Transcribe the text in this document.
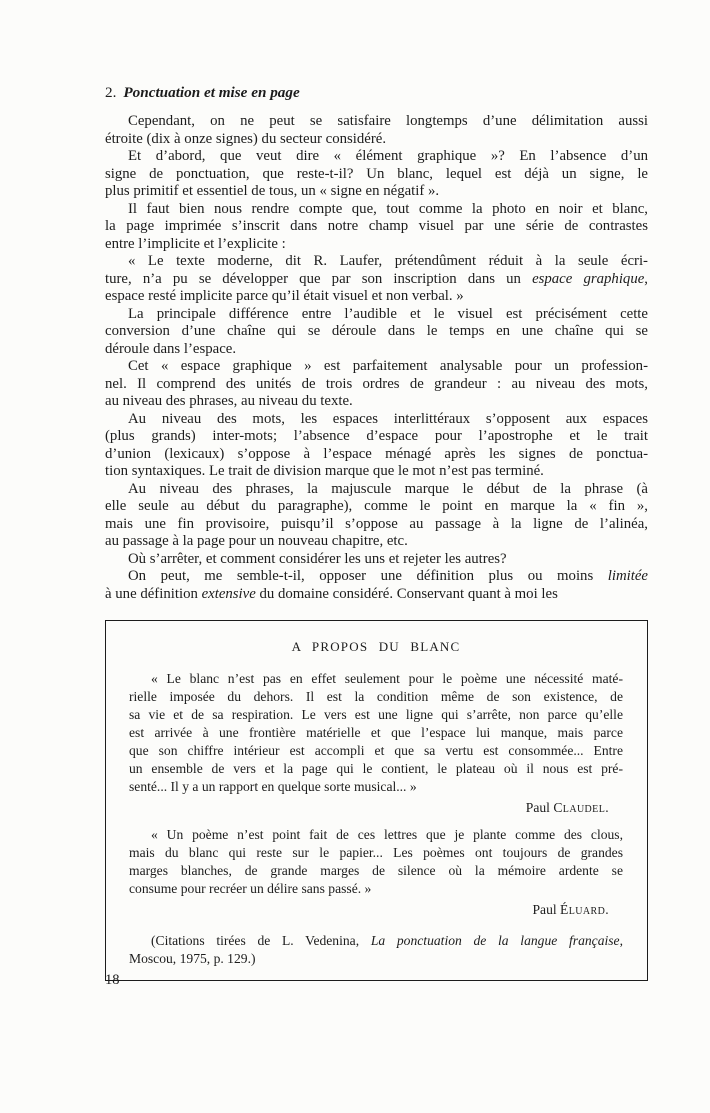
2. Ponctuation et mise en page
Cependant, on ne peut se satisfaire longtemps d’une délimitation aussi
étroite (dix à onze signes) du secteur considéré.
Et d’abord, que veut dire « élément graphique »? En l’absence d’un
signe de ponctuation, que reste-t-il? Un blanc, lequel est déjà un signe, le
plus primitif et essentiel de tous, un « signe en négatif ».
Il faut bien nous rendre compte que, tout comme la photo en noir et blanc,
la page imprimée s’inscrit dans notre champ visuel par une série de contrastes
entre l’implicite et l’explicite :
« Le texte moderne, dit R. Laufer, prétendûment réduit à la seule écri-
ture, n’a pu se développer que par son inscription dans un espace graphique,
espace resté implicite parce qu’il était visuel et non verbal. »
La principale différence entre l’audible et le visuel est précisément cette
conversion d’une chaîne qui se déroule dans le temps en une chaîne qui se
déroule dans l’espace.
Cet « espace graphique » est parfaitement analysable pour un profession-
nel. Il comprend des unités de trois ordres de grandeur : au niveau des mots,
au niveau des phrases, au niveau du texte.
Au niveau des mots, les espaces interlittéraux s’opposent aux espaces
(plus grands) inter-mots; l’absence d’espace pour l’apostrophe et le trait
d’union (lexicaux) s’oppose à l’espace ménagé après les signes de ponctua-
tion syntaxiques. Le trait de division marque que le mot n’est pas terminé.
Au niveau des phrases, la majuscule marque le début de la phrase (à
elle seule au début du paragraphe), comme le point en marque la « fin »,
mais une fin provisoire, puisqu’il s’oppose au passage à la ligne de l’alinéa,
au passage à la page pour un nouveau chapitre, etc.
Où s’arrêter, et comment considérer les uns et rejeter les autres?
On peut, me semble-t-il, opposer une définition plus ou moins limitée
à une définition extensive du domaine considéré. Conservant quant à moi les
A PROPOS DU BLANC
« Le blanc n’est pas en effet seulement pour le poème une nécessité maté-
rielle imposée du dehors. Il est la condition même de son existence, de
sa vie et de sa respiration. Le vers est une ligne qui s’arrête, non parce qu’elle
est arrivée à une frontière matérielle et que l’espace lui manque, mais parce
que son chiffre intérieur est accompli et que sa vertu est consommée... Entre
un ensemble de vers et la page qui le contient, le plateau où il nous est pré-
senté... Il y a un rapport en quelque sorte musical... »
Paul Claudel.
« Un poème n’est point fait de ces lettres que je plante comme des clous,
mais du blanc qui reste sur le papier... Les poèmes ont toujours de grandes
marges blanches, de grande marges de silence où la mémoire ardente se
consume pour recréer un délire sans passé. »
Paul Éluard.
(Citations tirées de L. Vedenina, La ponctuation de la langue française,
Moscou, 1975, p. 129.)
18
